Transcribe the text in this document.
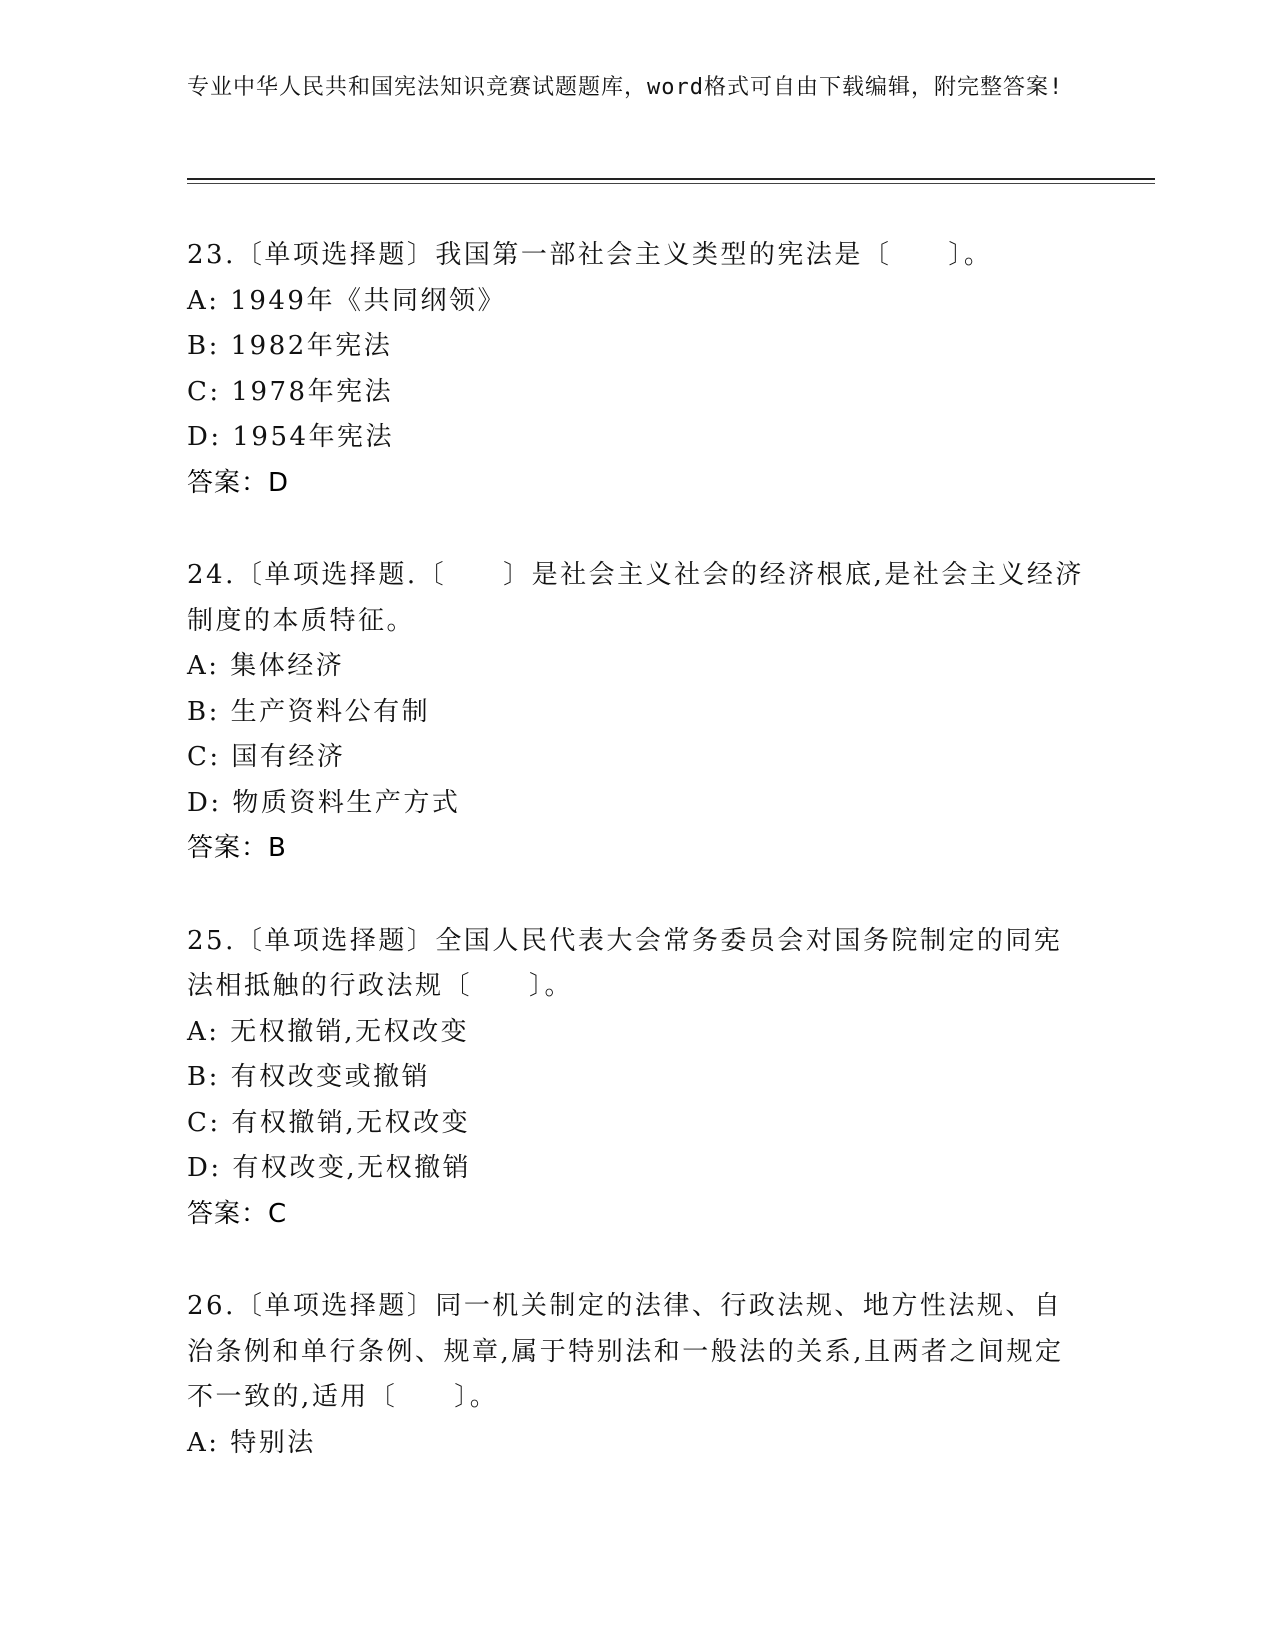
专业中华人民共和国宪法知识竞赛试题题库，word格式可自由下载编辑，附完整答案!
23.〔单项选择题〕我国第一部社会主义类型的宪法是〔　　〕。
A: 1949年《共同纲领》
B: 1982年宪法
C: 1978年宪法
D: 1954年宪法
答案：D
24.〔单项选择题.〔　　〕是社会主义社会的经济根底,是社会主义经济制度的本质特征。
A: 集体经济
B: 生产资料公有制
C: 国有经济
D: 物质资料生产方式
答案：B
25.〔单项选择题〕全国人民代表大会常务委员会对国务院制定的同宪法相抵触的行政法规〔　　〕。
A: 无权撤销,无权改变
B: 有权改变或撤销
C: 有权撤销,无权改变
D: 有权改变,无权撤销
答案：C
26.〔单项选择题〕同一机关制定的法律、行政法规、地方性法规、自治条例和单行条例、规章,属于特别法和一般法的关系,且两者之间规定不一致的,适用〔　　〕。
A: 特别法
